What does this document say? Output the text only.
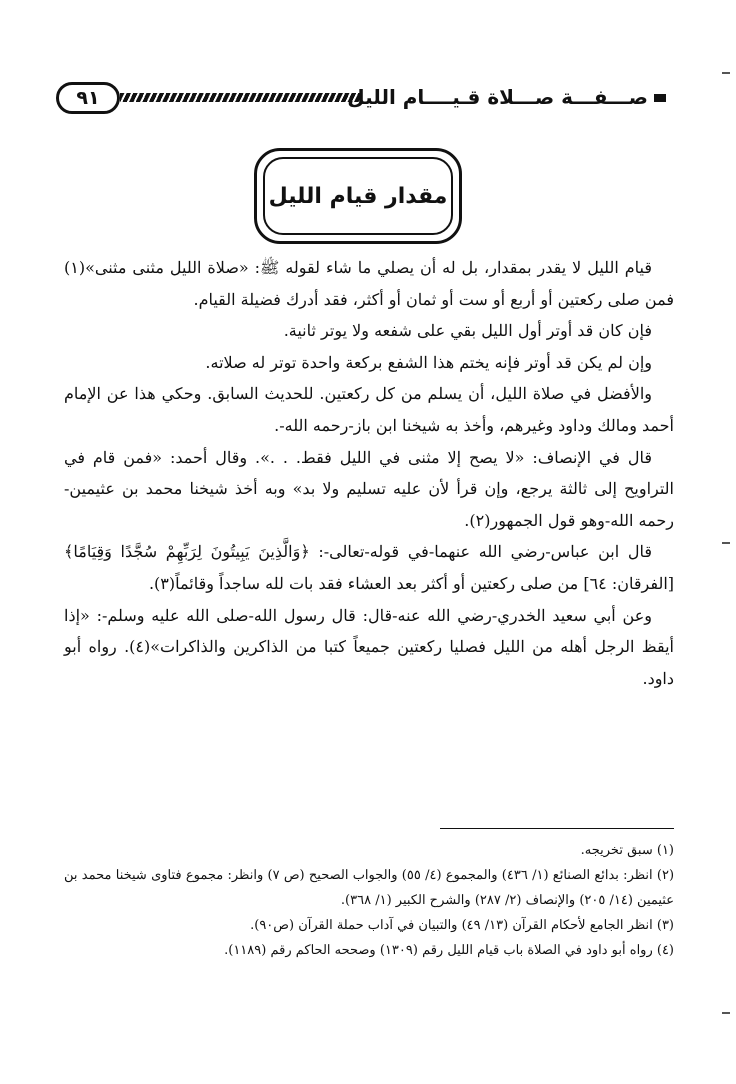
٩١	صـــفـــة صـــلاة قـيــــام الليل
مقدار قيام الليل

قيام الليل لا يقدر بمقدار، بل له أن يصلي ما شاء لقوله ﷺ: «صلاة الليل مثنى مثنى»(١) فمن صلى ركعتين أو أربع أو ست أو ثمان أو أكثر، فقد أدرك فضيلة القيام.

فإن كان قد أوتر أول الليل بقي على شفعه ولا يوتر ثانية.

وإن لم يكن قد أوتر فإنه يختم هذا الشفع بركعة واحدة توتر له صلاته.

والأفضل في صلاة الليل، أن يسلم من كل ركعتين. للحديث السابق. وحكي هذا عن الإمام أحمد ومالك وداود وغيرهم، وأخذ به شيخنا ابن باز-رحمه الله-.

قال في الإنصاف: «لا يصح إلا مثنى في الليل فقط. . .». وقال أحمد: «فمن قام في التراويح إلى ثالثة يرجع، وإن قرأ لأن عليه تسليم ولا بد» وبه أخذ شيخنا محمد بن عثيمين-رحمه الله-وهو قول الجمهور(٢).

قال ابن عباس-رضي الله عنهما-في قوله-تعالى-: ﴿وَالَّذِينَ يَبِيتُونَ لِرَبِّهِمْ سُجَّدًا وَقِيَامًا﴾ [الفرقان: ٦٤] من صلى ركعتين أو أكثر بعد العشاء فقد بات لله ساجداً وقائماً(٣).

وعن أبي سعيد الخدري-رضي الله عنه-قال: قال رسول الله-صلى الله عليه وسلم-: «إذا أيقظ الرجل أهله من الليل فصليا ركعتين جميعاً كتبا من الذاكرين والذاكرات»(٤). رواه أبو داود.

(١) سبق تخريجه.

(٢) انظر: بدائع الصنائع (١/ ٤٣٦) والمجموع (٤/ ٥٥) والجواب الصحيح (ص ٧) وانظر: مجموع فتاوى شيخنا محمد بن عثيمين (١٤/ ٢٠٥) والإنصاف (٢/ ٢٨٧) والشرح الكبير (١/ ٣٦٨).

(٣) انظر الجامع لأحكام القرآن (١٣/ ٤٩) والتبيان في آداب حملة القرآن (ص٩٠).

(٤) رواه أبو داود في الصلاة باب قيام الليل رقم (١٣٠٩) وصححه الحاكم رقم (١١٨٩).
